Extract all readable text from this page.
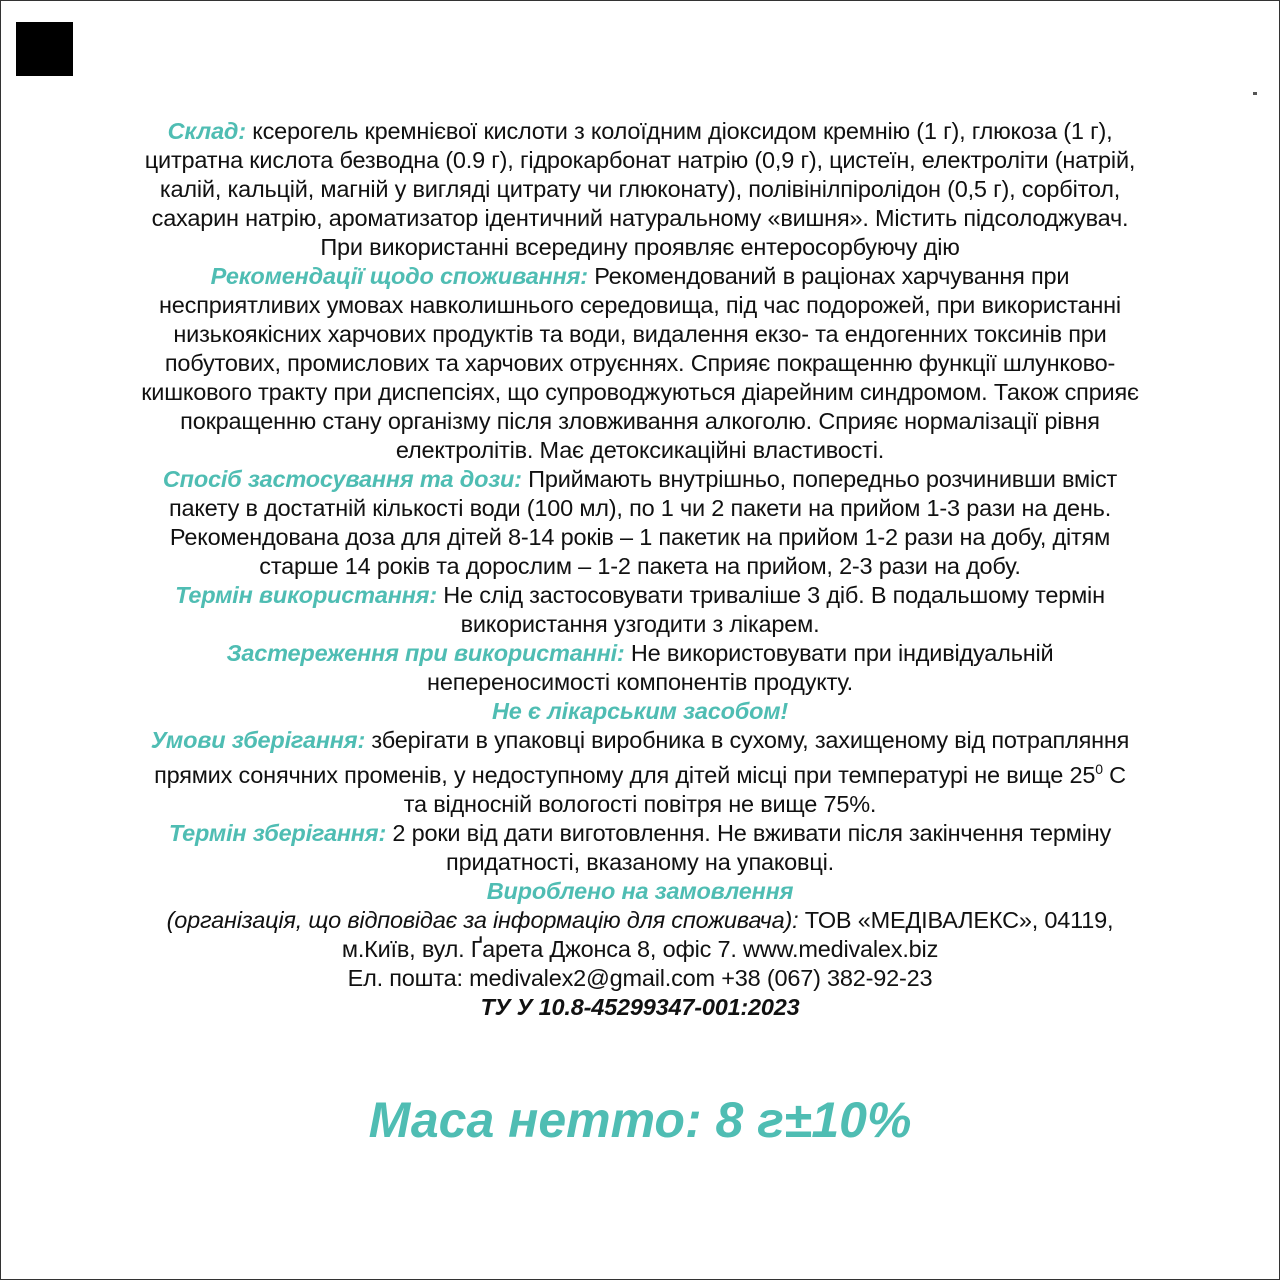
Склад: ксерогель кремнієвої кислоти з колоїдним діоксидом кремнію (1 г), глюкоза (1 г), цитратна кислота безводна (0.9 г), гідрокарбонат натрію (0,9 г), цистеїн, електроліти (натрій, калій, кальцій, магній у вигляді цитрату чи глюконату), полівінілпіролідон (0,5 г), сорбітол, сахарин натрію, ароматизатор ідентичний натуральному «вишня». Містить підсолоджувач.

При використанні всередину проявляє ентеросорбуючу дію

Рекомендації щодо споживання: Рекомендований в раціонах харчування при несприятливих умовах навколишнього середовища, під час подорожей, при використанні низькоякісних харчових продуктів та води, видалення екзо- та ендогенних токсинів при побутових, промислових та харчових отруєннях. Сприяє покращенню функції шлунково-кишкового тракту при диспепсіях, що супроводжуються діарейним синдромом. Також сприяє покращенню стану організму після зловживання алкоголю. Сприяє нормалізації рівня електролітів. Має детоксикаційні властивості.

Спосіб застосування та дози: Приймають внутрішньо, попередньо розчинивши вміст пакету в достатній кількості води (100 мл), по 1 чи 2 пакети на прийом 1-3 рази на день. Рекомендована доза для дітей 8-14 років – 1 пакетик на прийом 1-2 рази на добу, дітям старше 14 років та дорослим – 1-2 пакета на прийом, 2-3 рази на добу.

Термін використання: Не слід застосовувати триваліше 3 діб. В подальшому термін використання узгодити з лікарем.

Застереження при використанні: Не використовувати при індивідуальній непереносимості компонентів продукту.

Не є лікарським засобом!

Умови зберігання: зберігати в упаковці виробника в сухому, захищеному від потрапляння прямих сонячних променів, у недоступному для дітей місці при температурі не вище $25^0$ С та відносній вологості повітря не вище 75%.

Термін зберігання: 2 роки від дати виготовлення. Не вживати після закінчення терміну придатності, вказаному на упаковці.

Вироблено на замовлення

(організація, що відповідає за інформацію для споживача): ТОВ «МЕДІВАЛЕКС», 04119, м.Київ, вул. Ґарета Джонса 8, офіс 7. www.medivalex.biz

Ел. пошта: medivalex2@gmail.com +38 (067) 382-92-23

ТУ У 10.8-45299347-001:2023

Маса нетто: 8 г±10%
